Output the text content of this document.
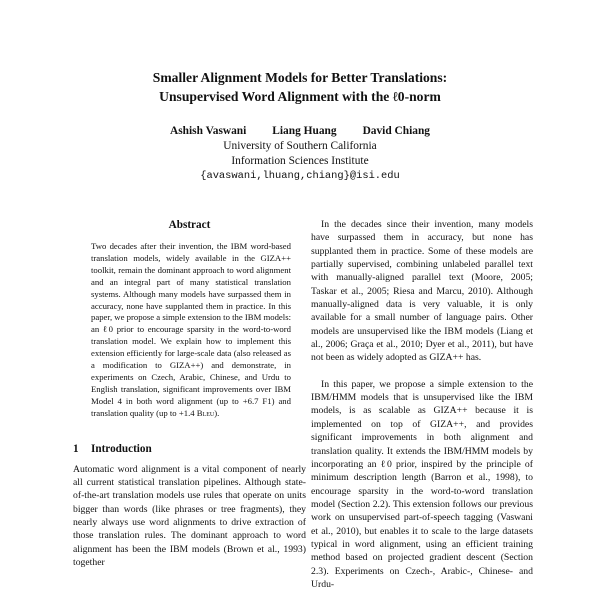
Smaller Alignment Models for Better Translations:
Unsupervised Word Alignment with the ℓ0-norm
Ashish Vaswani Liang Huang David Chiang
University of Southern California
Information Sciences Institute
{avaswani,lhuang,chiang}@isi.edu
Abstract

Two decades after their invention, the IBM word-based translation models, widely available in the GIZA++ toolkit, remain the dominant approach to word alignment and an integral part of many statistical translation systems. Although many models have surpassed them in accuracy, none have supplanted them in practice. In this paper, we propose a simple extension to the IBM models: an ℓ0 prior to encourage sparsity in the word-to-word translation model. We explain how to implement this extension efficiently for large-scale data (also released as a modification to GIZA++) and demonstrate, in experiments on Czech, Arabic, Chinese, and Urdu to English translation, significant improvements over IBM Model 4 in both word alignment (up to +6.7 F1) and translation quality (up to +1.4 Bleu).

1 Introduction

Automatic word alignment is a vital component of nearly all current statistical translation pipelines. Although state-of-the-art translation models use rules that operate on units bigger than words (like phrases or tree fragments), they nearly always use word alignments to drive extraction of those translation rules. The dominant approach to word alignment has been the IBM models (Brown et al., 1993) together

In the decades since their invention, many models have surpassed them in accuracy, but none has supplanted them in practice. Some of these models are partially supervised, combining unlabeled parallel text with manually-aligned parallel text (Moore, 2005; Taskar et al., 2005; Riesa and Marcu, 2010). Although manually-aligned data is very valuable, it is only available for a small number of language pairs. Other models are unsupervised like the IBM models (Liang et al., 2006; Graça et al., 2010; Dyer et al., 2011), but have not been as widely adopted as GIZA++ has.

In this paper, we propose a simple extension to the IBM/HMM models that is unsupervised like the IBM models, is as scalable as GIZA++ because it is implemented on top of GIZA++, and provides significant improvements in both alignment and translation quality. It extends the IBM/HMM models by incorporating an ℓ0 prior, inspired by the principle of minimum description length (Barron et al., 1998), to encourage sparsity in the word-to-word translation model (Section 2.2). This extension follows our previous work on unsupervised part-of-speech tagging (Vaswani et al., 2010), but enables it to scale to the large datasets typical in word alignment, using an efficient training method based on projected gradient descent (Section 2.3). Experiments on Czech-, Arabic-, Chinese- and Urdu-
